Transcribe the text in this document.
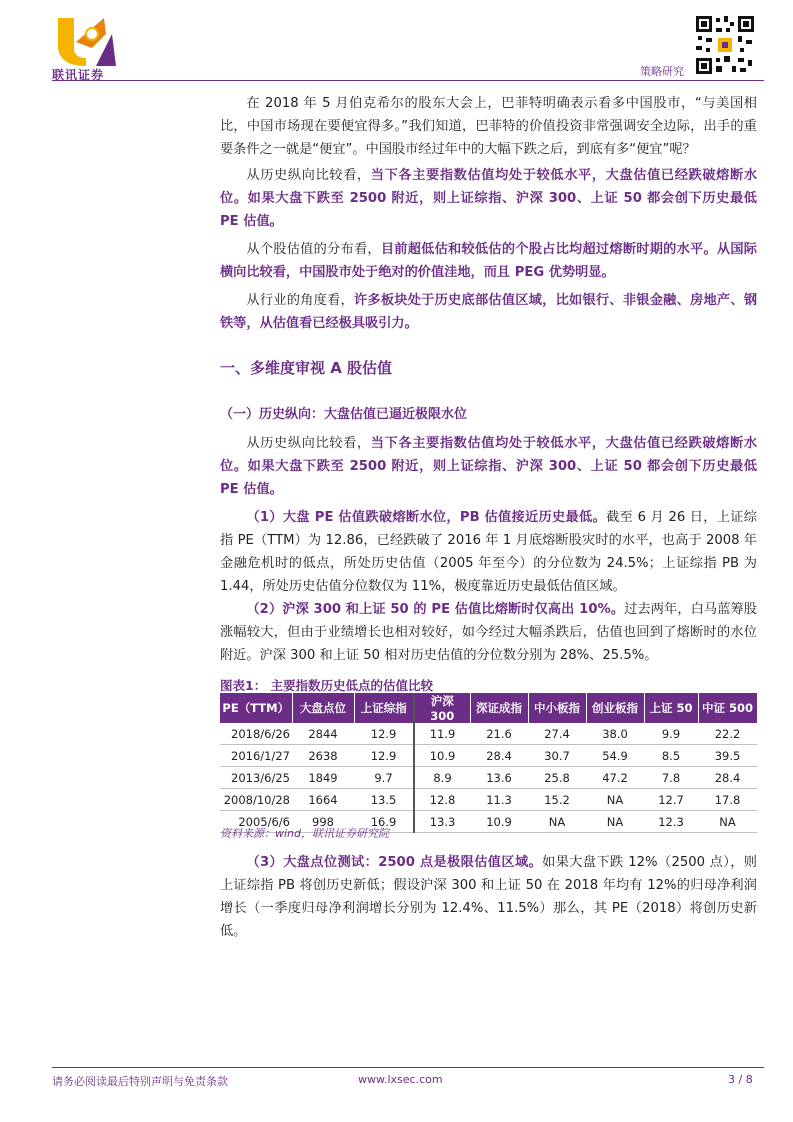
联讯证券	策略研究

在 2018 年 5 月伯克希尔的股东大会上，巴菲特明确表示看多中国股市，“与美国相比，中国市场现在要便宜得多。”我们知道，巴菲特的价值投资非常强调安全边际，出手的重要条件之一就是“便宜”。中国股市经过年中的大幅下跌之后，到底有多“便宜”呢？

从历史纵向比较看，当下各主要指数估值均处于较低水平，大盘估值已经跌破熔断水位。如果大盘下跌至 2500 附近，则上证综指、沪深 300、上证 50 都会创下历史最低 PE 估值。

从个股估值的分布看，目前超低估和较低估的个股占比均超过熔断时期的水平。从国际横向比较看，中国股市处于绝对的价值洼地，而且 PEG 优势明显。

从行业的角度看，许多板块处于历史底部估值区域，比如银行、非银金融、房地产、钢铁等，从估值看已经极具吸引力。

一、多维度审视 A 股估值
（一）历史纵向：大盘估值已逼近极限水位

从历史纵向比较看，当下各主要指数估值均处于较低水平，大盘估值已经跌破熔断水位。如果大盘下跌至 2500 附近，则上证综指、沪深 300、上证 50 都会创下历史最低 PE 估值。

（1）大盘 PE 估值跌破熔断水位，PB 估值接近历史最低。截至 6 月 26 日，上证综指 PE（TTM）为 12.86，已经跌破了 2016 年 1 月底熔断股灾时的水平，也高于 2008 年金融危机时的低点，所处历史估值（2005 年至今）的分位数为 24.5%；上证综指 PB 为 1.44，所处历史估值分位数仅为 11%，极度靠近历史最低估值区域。

（2）沪深 300 和上证 50 的 PE 估值比熔断时仅高出 10%。过去两年，白马蓝筹股涨幅较大，但由于业绩增长也相对较好，如今经过大幅杀跌后，估值也回到了熔断时的水位附近。沪深 300 和上证 50 相对历史估值的分位数分别为 28%、25.5%。

图表1： 主要指数历史低点的估值比较
PE（TTM）	大盘点位	上证综指	沪深 300	深证成指	中小板指	创业板指	上证 50	中证 500
2018/6/26	2844	12.9	11.9	21.6	27.4	38.0	9.9	22.2
2016/1/27	2638	12.9	10.9	28.4	30.7	54.9	8.5	39.5
2013/6/25	1849	9.7	8.9	13.6	25.8	47.2	7.8	28.4
2008/10/28	1664	13.5	12.8	11.3	15.2	NA	12.7	17.8
2005/6/6	998	16.9	13.3	10.9	NA	NA	12.3	NA
资料来源：wind，联讯证券研究院

（3）大盘点位测试：2500 点是极限估值区域。如果大盘下跌 12%（2500 点），则上证综指 PB 将创历史新低；假设沪深 300 和上证 50 在 2018 年均有 12%的归母净利润增长（一季度归母净利润增长分别为 12.4%、11.5%）那么，其 PE（2018）将创历史新低。

请务必阅读最后特别声明与免责条款	www.lxsec.com	3 / 8
